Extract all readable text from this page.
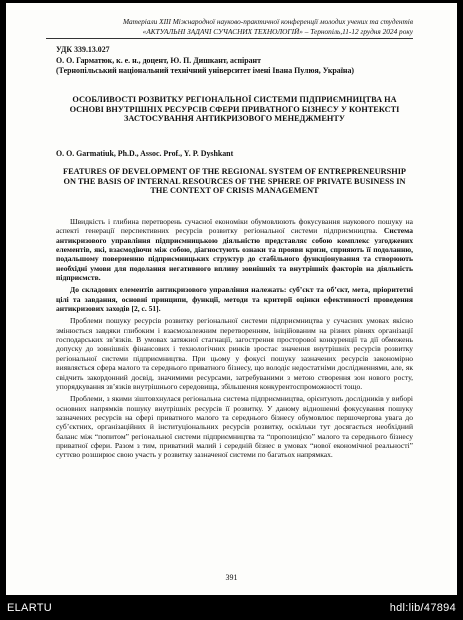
Матеріали XIII Міжнародної науково-практичної конференції молодих учених та студентів
«АКТУАЛЬНІ ЗАДАЧІ СУЧАСНИХ ТЕХНОЛОГІЙ» – Тернопіль,11-12 грудня 2024 року
УДК 339.13.027
О. О. Гарматюк, к. е. н., доцент, Ю. П. Дишкант, аспірант
(Тернопільський національний технічний університет імені Івана Пулюя, Україна)
ОСОБЛИВОСТІ РОЗВИТКУ РЕГІОНАЛЬНОЇ СИСТЕМИ ПІДПРИЄМНИЦТВА НА ОСНОВІ ВНУТРІШНІХ РЕСУРСІВ СФЕРИ ПРИВАТНОГО БІЗНЕСУ У КОНТЕКСТІ ЗАСТОСУВАННЯ АНТИКРИЗОВОГО МЕНЕДЖМЕНТУ
O. O. Garmatiuk, Ph.D., Assoc. Prof., Y. P. Dyshkant
FEATURES OF DEVELOPMENT OF THE REGIONAL SYSTEM OF ENTREPRENEURSHIP ON THE BASIS OF INTERNAL RESOURCES OF THE SPHERE OF PRIVATE BUSINESS IN THE CONTEXT OF CRISIS MANAGEMENT

Швидкість і глибина перетворень сучасної економіки обумовлюють фокусування наукового пошуку на аспекті генерації перспективних ресурсів розвитку регіональної системи підприємництва. Система антикризового управління підприємницькою діяльністю представляє собою комплекс узгоджених елементів, які, взаємодіючи між собою, діагностують ознаки та прояви кризи, сприяють її подоланню, подальшому поверненню підприємницьких структур до стабільного функціонування та створюють необхідні умови для подолання негативного впливу зовнішніх та внутрішніх факторів на діяльність підприємств.

До складових елементів антикризового управління належать: суб’єкт та об’єкт, мета, пріоритетні цілі та завдання, основні принципи, функції, методи та критерії оцінки ефективності проведення антикризових заходів [2, с. 51].

Проблеми пошуку ресурсів розвитку регіональної системи підприємництва у сучасних умовах якісно змінюється завдяки глибоким і взаємозалежним перетворенням, ініційованим на різних рівнях організації господарських зв’язків. В умовах затяжної стагнації, загострення просторової конкуренції та дії обмежень допуску до зовнішніх фінансових і технологічних ринків зростає значення внутрішніх ресурсів розвитку регіональної системи підприємництва. При цьому у фокусі пошуку зазначених ресурсів закономірно виявляється сфера малого та середнього приватного бізнесу, що володіє недостатніми дослідженнями, але, як свідчить закордонний досвід, значимими ресурсами, затребуваними з метою створення зон нового росту, упорядкування зв’язків внутрішнього середовища, збільшення конкурентоспроможності тощо.

Проблеми, з якими зіштовхнулася регіональна система підприємництва, орієнтують дослідників у виборі основних напрямків пошуку внутрішніх ресурсів її розвитку. У даному відношенні фокусування пошуку зазначених ресурсів на сфері приватного малого та середнього бізнесу обумовлює першочергова увага до суб’єктних, організаційних й інституціональних ресурсів розвитку, оскільки тут досягається необхідний баланс між “попитом” регіональної системи підприємництва та “пропозицією” малого та середнього бізнесу приватної сфери. Разом з тим, приватний малий і середній бізнес в умовах “нової економічної реальності” суттєво розширює свою участь у розвитку зазначеної системи по багатьох напрямках.

391
ELARTU	hdl:lib/47894
